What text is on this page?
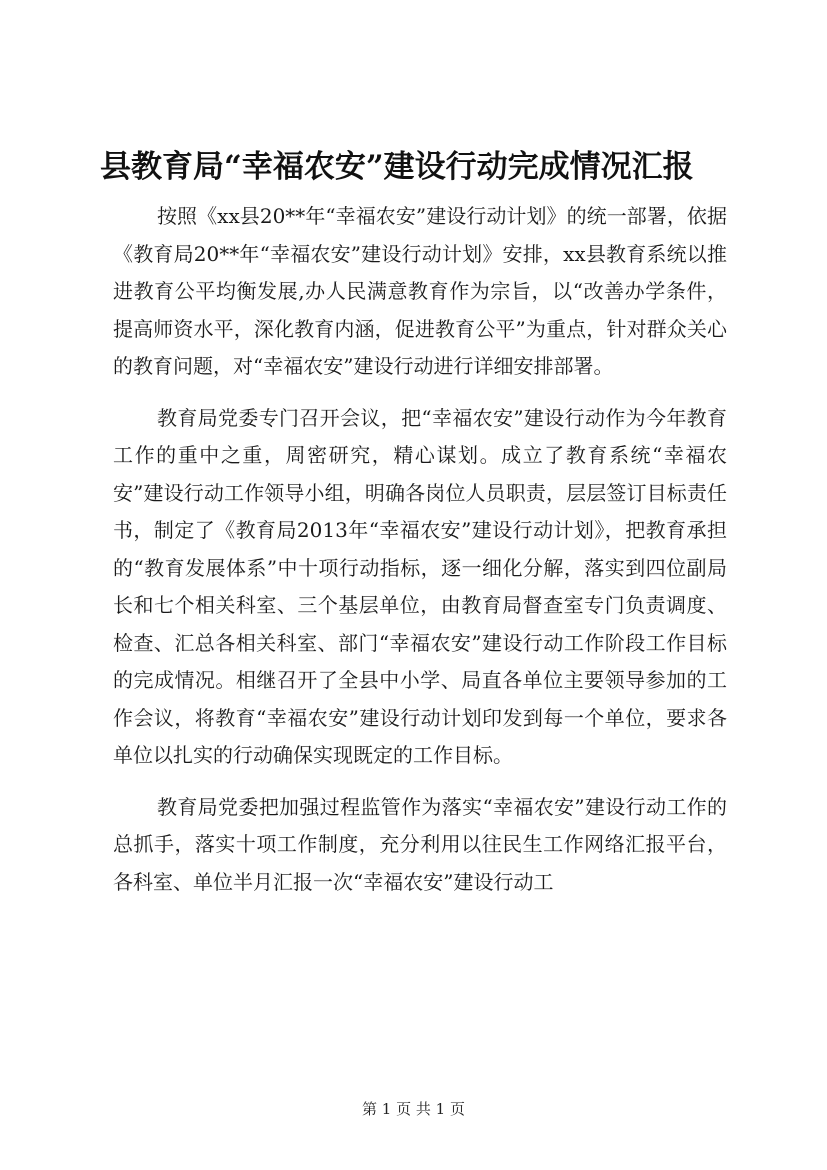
县教育局“幸福农安”建设行动完成情况汇报

按照《xx县20**年“幸福农安”建设行动计划》的统一部署，依据《教育局20**年“幸福农安”建设行动计划》安排，xx县教育系统以推进教育公平均衡发展,办人民满意教育作为宗旨，以“改善办学条件，提高师资水平，深化教育内涵，促进教育公平”为重点，针对群众关心的教育问题，对“幸福农安”建设行动进行详细安排部署。

教育局党委专门召开会议，把“幸福农安”建设行动作为今年教育工作的重中之重，周密研究，精心谋划。成立了教育系统“幸福农安”建设行动工作领导小组，明确各岗位人员职责，层层签订目标责任书，制定了《教育局2013年“幸福农安”建设行动计划》，把教育承担的“教育发展体系”中十项行动指标，逐一细化分解，落实到四位副局长和七个相关科室、三个基层单位，由教育局督查室专门负责调度、检查、汇总各相关科室、部门“幸福农安”建设行动工作阶段工作目标的完成情况。相继召开了全县中小学、局直各单位主要领导参加的工作会议，将教育“幸福农安”建设行动计划印发到每一个单位，要求各单位以扎实的行动确保实现既定的工作目标。

教育局党委把加强过程监管作为落实“幸福农安”建设行动工作的总抓手，落实十项工作制度，充分利用以往民生工作网络汇报平台，各科室、单位半月汇报一次“幸福农安”建设行动工

第 1 页 共 1 页
